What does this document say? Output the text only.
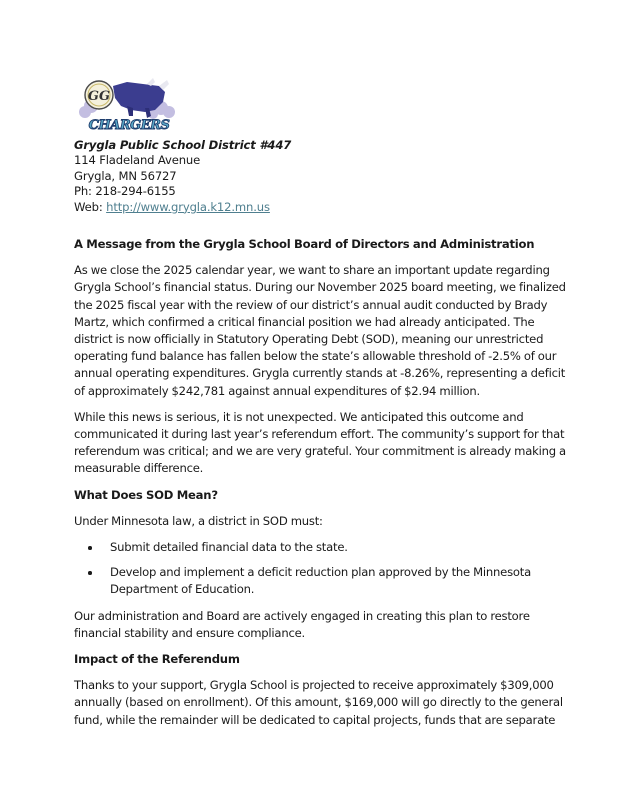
GG
CHARGERS
Grygla Public School District #447
114 Fladeland Avenue
Grygla, MN 56727
Ph: 218-294-6155
Web: http://www.grygla.k12.mn.us
A Message from the Grygla School Board of Directors and Administration

As we close the 2025 calendar year, we want to share an important update regarding Grygla School’s financial status. During our November 2025 board meeting, we finalized the 2025 fiscal year with the review of our district’s annual audit conducted by Brady Martz, which confirmed a critical financial position we had already anticipated. The district is now officially in Statutory Operating Debt (SOD), meaning our unrestricted operating fund balance has fallen below the state’s allowable threshold of -2.5% of our annual operating expenditures. Grygla currently stands at -8.26%, representing a deficit of approximately $242,781 against annual expenditures of $2.94 million.

While this news is serious, it is not unexpected. We anticipated this outcome and communicated it during last year’s referendum effort. The community’s support for that referendum was critical; and we are very grateful. Your commitment is already making a measurable difference.

What Does SOD Mean?

Under Minnesota law, a district in SOD must:

Submit detailed financial data to the state.
Develop and implement a deficit reduction plan approved by the Minnesota Department of Education.

Our administration and Board are actively engaged in creating this plan to restore financial stability and ensure compliance.

Impact of the Referendum

Thanks to your support, Grygla School is projected to receive approximately $309,000 annually (based on enrollment). Of this amount, $169,000 will go directly to the general fund, while the remainder will be dedicated to capital projects, funds that are separate
